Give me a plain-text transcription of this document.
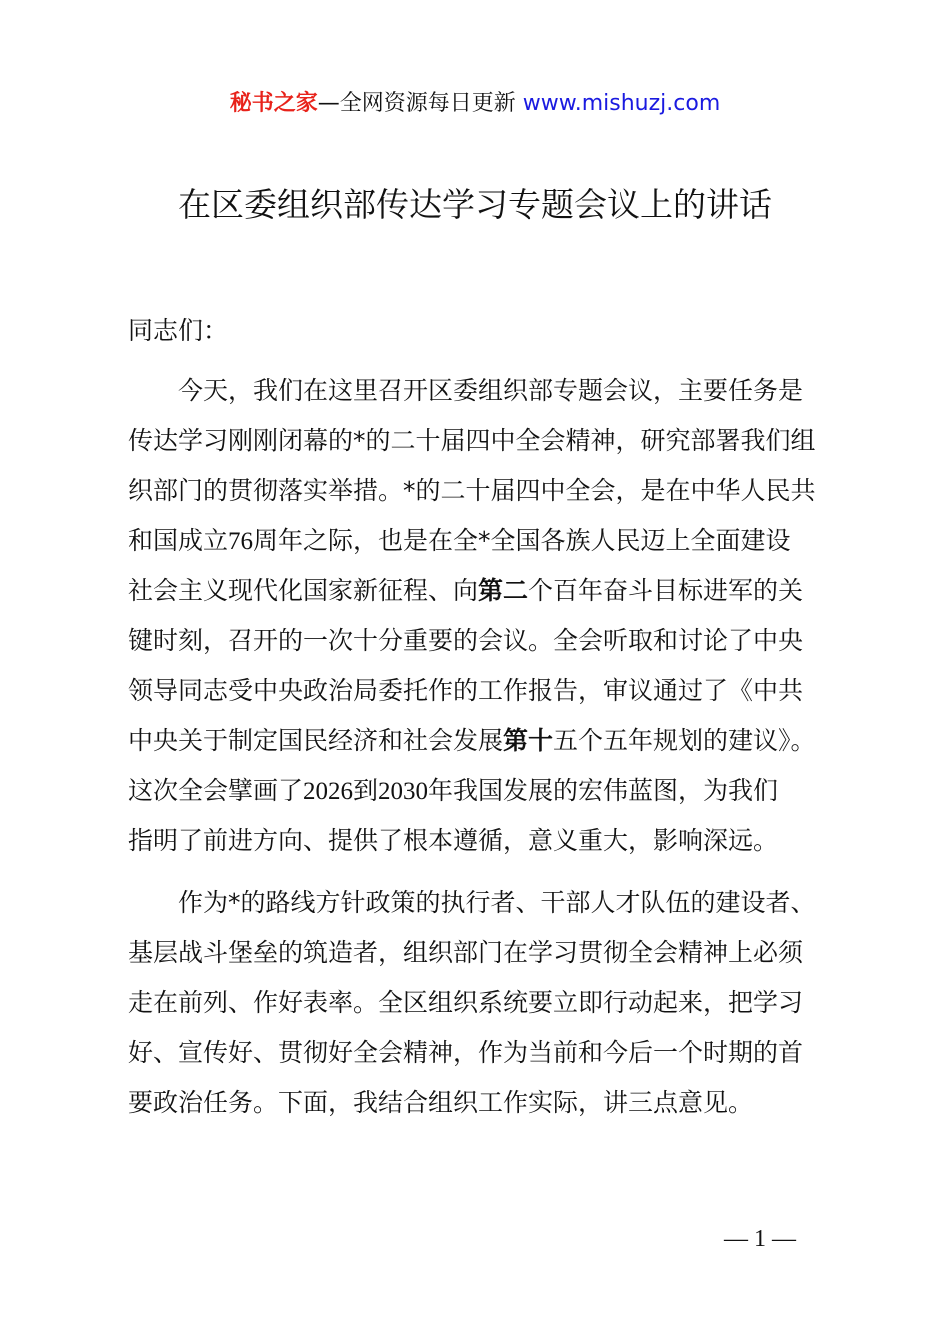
秘书之家—全网资源每日更新 www.mishuzj.com
在区委组织部传达学习专题会议上的讲话
同志们：
今天，我们在这里召开区委组织部专题会议，主要任务是
传达学习刚刚闭幕的*的二十届四中全会精神，研究部署我们组
织部门的贯彻落实举措。*的二十届四中全会，是在中华人民共
和国成立76周年之际，也是在全*全国各族人民迈上全面建设
社会主义现代化国家新征程、向第二个百年奋斗目标进军的关
键时刻，召开的一次十分重要的会议。全会听取和讨论了中央
领导同志受中央政治局委托作的工作报告，审议通过了《中共
中央关于制定国民经济和社会发展第十五个五年规划的建议》。
这次全会擘画了2026到2030年我国发展的宏伟蓝图，为我们
指明了前进方向、提供了根本遵循，意义重大，影响深远。
作为*的路线方针政策的执行者、干部人才队伍的建设者、
基层战斗堡垒的筑造者，组织部门在学习贯彻全会精神上必须
走在前列、作好表率。全区组织系统要立即行动起来，把学习
好、宣传好、贯彻好全会精神，作为当前和今后一个时期的首
要政治任务。下面，我结合组织工作实际，讲三点意见。
— 1 —
